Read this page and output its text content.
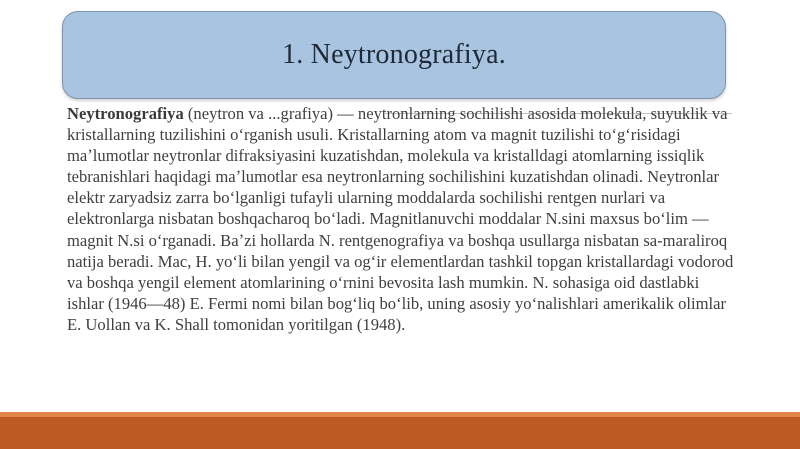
1. Neytronografiya.

Neytronografiya (neytron va ...grafiya) — neytronlarning sochilishi asosida molekula, suyuklik va kristallarning tuzilishini oʻrganish usuli. Kristallarning atom va magnit tuzilishi toʻgʻrisidagi maʼlumotlar neytronlar difraksiyasini kuzatishdan, molekula va kristalldagi atomlarning issiqlik tebranishlari haqidagi maʼlumotlar esa neytronlarning sochilishini kuzatishdan olinadi. Neytronlar elektr zaryadsiz zarra boʻlganligi tufayli ularning moddalarda sochilishi rentgen nurlari va elektronlarga nisbatan boshqacharoq boʻladi. Magnitlanuvchi moddalar N.sini maxsus boʻlim — magnit N.si oʻrganadi. Baʼzi hollarda N. rentgenografiya va boshqa usullarga nisbatan sa-maraliroq natija beradi. Mac, H. yoʻli bilan yengil va ogʻir elementlardan tashkil topgan kristallardagi vodorod va boshqa yengil element atomlarining oʻrnini bevosita lash mumkin. N. sohasiga oid dastlabki ishlar (1946—48) E. Fermi nomi bilan bogʻliq boʻlib, uning asosiy yoʻnalishlari amerikalik olimlar E. Uollan va K. Shall tomonidan yoritilgan (1948).
